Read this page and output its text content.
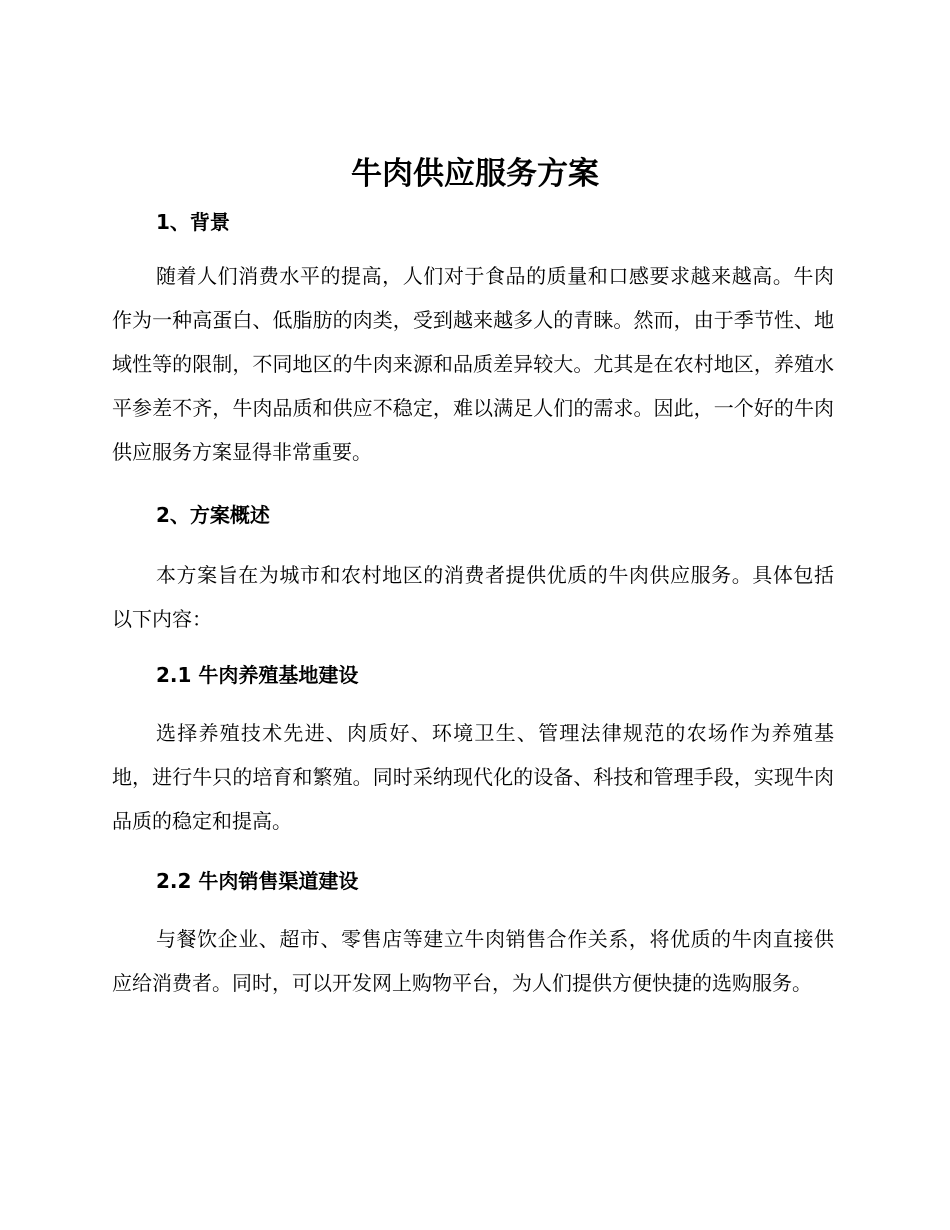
牛肉供应服务方案
1、背景

随着人们消费水平的提高，人们对于食品的质量和口感要求越来越高。牛肉作为一种高蛋白、低脂肪的肉类，受到越来越多人的青睐。然而，由于季节性、地域性等的限制，不同地区的牛肉来源和品质差异较大。尤其是在农村地区，养殖水平参差不齐，牛肉品质和供应不稳定，难以满足人们的需求。因此，一个好的牛肉供应服务方案显得非常重要。

2、方案概述

本方案旨在为城市和农村地区的消费者提供优质的牛肉供应服务。具体包括以下内容：

2.1 牛肉养殖基地建设

选择养殖技术先进、肉质好、环境卫生、管理法律规范的农场作为养殖基地，进行牛只的培育和繁殖。同时采纳现代化的设备、科技和管理手段，实现牛肉品质的稳定和提高。

2.2 牛肉销售渠道建设

与餐饮企业、超市、零售店等建立牛肉销售合作关系，将优质的牛肉直接供应给消费者。同时，可以开发网上购物平台，为人们提供方便快捷的选购服务。
